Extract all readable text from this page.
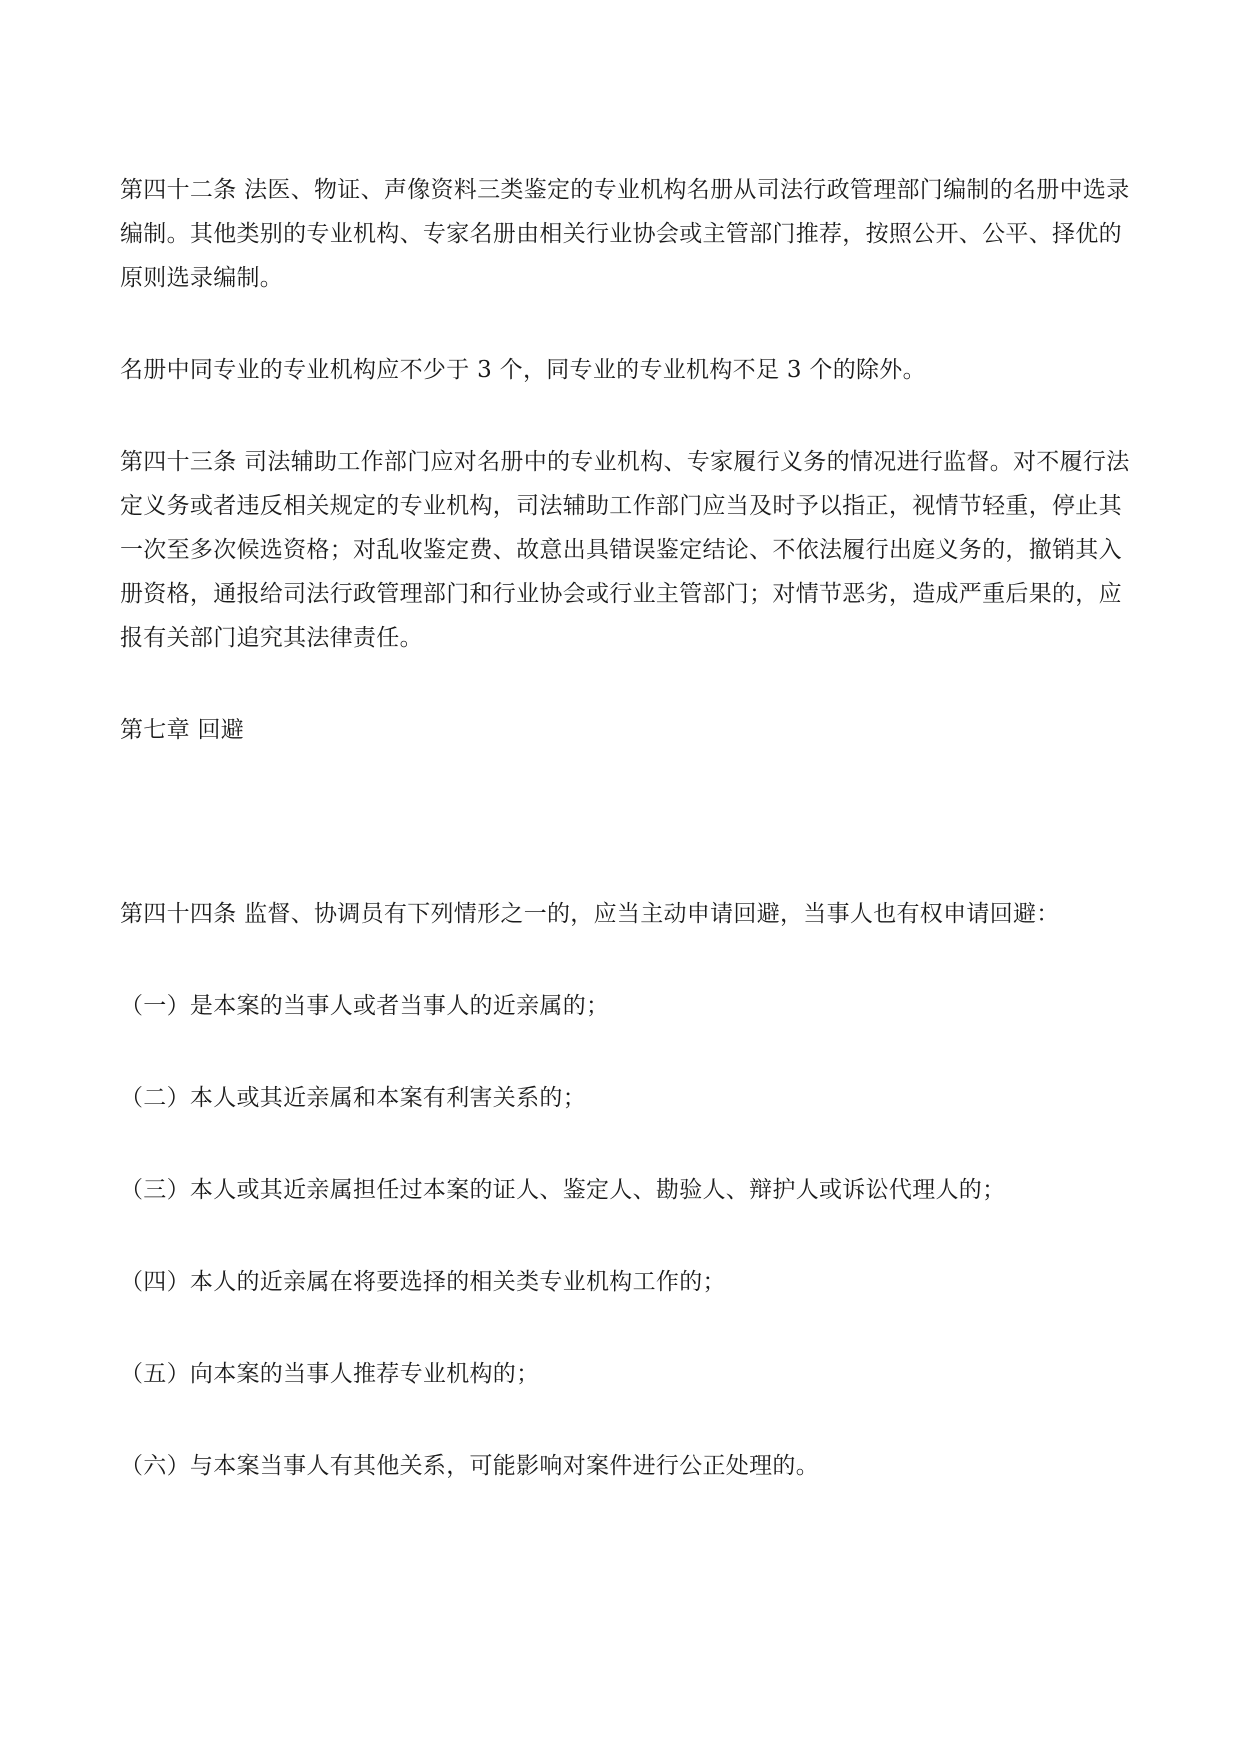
第四十二条 法医、物证、声像资料三类鉴定的专业机构名册从司法行政管理部门编制的名册中选录编制。其他类别的专业机构、专家名册由相关行业协会或主管部门推荐，按照公开、公平、择优的原则选录编制。

名册中同专业的专业机构应不少于 3 个，同专业的专业机构不足 3 个的除外。

第四十三条 司法辅助工作部门应对名册中的专业机构、专家履行义务的情况进行监督。对不履行法定义务或者违反相关规定的专业机构，司法辅助工作部门应当及时予以指正，视情节轻重，停止其一次至多次候选资格；对乱收鉴定费、故意出具错误鉴定结论、不依法履行出庭义务的，撤销其入册资格，通报给司法行政管理部门和行业协会或行业主管部门；对情节恶劣，造成严重后果的，应报有关部门追究其法律责任。

第七章 回避

第四十四条 监督、协调员有下列情形之一的，应当主动申请回避，当事人也有权申请回避：

（一）是本案的当事人或者当事人的近亲属的；

（二）本人或其近亲属和本案有利害关系的；

（三）本人或其近亲属担任过本案的证人、鉴定人、勘验人、辩护人或诉讼代理人的；

（四）本人的近亲属在将要选择的相关类专业机构工作的；

（五）向本案的当事人推荐专业机构的；

（六）与本案当事人有其他关系，可能影响对案件进行公正处理的。
